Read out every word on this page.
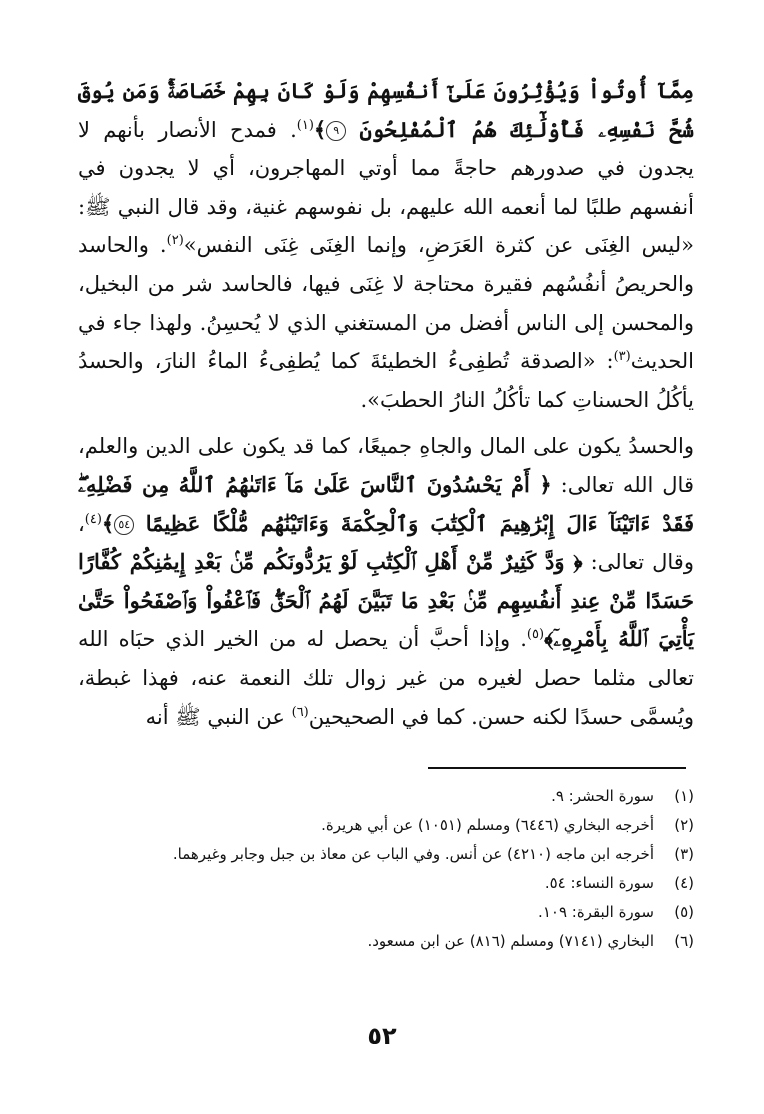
مِمَّآ أُوتُواْ وَيُؤْثِرُونَ عَلَىٰٓ أَنفُسِهِمْ وَلَوْ كَانَ بِهِمْ خَصَاصَةٌۚ وَمَن يُوقَ شُحَّ نَفْسِهِۦ فَأُوْلَٰٓئِكَ هُمُ ٱلْمُفْلِحُونَ ٩﴾$^{(١)}$. فمدح الأنصار بأنهم لا يجدون في صدورهم حاجةً مما أوتي المهاجرون، أي لا يجدون في أنفسهم طلبًا لما أنعمه الله عليهم، بل نفوسهم غنية، وقد قال النبي ﷺ: «ليس الغِنَى عن كثرة العَرَضِ، وإنما الغِنَى غِنَى النفس»$^{(٢)}$. والحاسد والحريصُ أنفُسُهم فقيرة محتاجة لا غِنَى فيها، فالحاسد شر من البخيل، والمحسن إلى الناس أفضل من المستغني الذي لا يُحسِنُ. ولهذا جاء في الحديث$^{(٣)}$: «الصدقة تُطفِىءُ الخطيئةَ كما يُطفِىءُ الماءُ النارَ، والحسدُ يأكُلُ الحسناتِ كما تأكُلُ النارُ الحطبَ».

والحسدُ يكون على المال والجاهِ جميعًا، كما قد يكون على الدين والعلم، قال الله تعالى: ﴿ أَمْ يَحْسُدُونَ ٱلنَّاسَ عَلَىٰ مَآ ءَاتَىٰهُمُ ٱللَّهُ مِن فَضْلِهِۦۖ فَقَدْ ءَاتَيْنَآ ءَالَ إِبْرَٰهِيمَ ٱلْكِتَٰبَ وَٱلْحِكْمَةَ وَءَاتَيْنَٰهُم مُّلْكًا عَظِيمًا ٥٤﴾$^{(٤)}$، وقال تعالى: ﴿ وَدَّ كَثِيرٌ مِّنْ أَهْلِ ٱلْكِتَٰبِ لَوْ يَرُدُّونَكُم مِّنۢ بَعْدِ إِيمَٰنِكُمْ كُفَّارًا حَسَدًا مِّنْ عِندِ أَنفُسِهِم مِّنۢ بَعْدِ مَا تَبَيَّنَ لَهُمُ ٱلْحَقُّۖ فَٱعْفُواْ وَٱصْفَحُواْ حَتَّىٰ يَأْتِيَ ٱللَّهُ بِأَمْرِهِۦٓ﴾$^{(٥)}$. وإذا أحبَّ أن يحصل له من الخير الذي حبَاه الله تعالى مثلما حصل لغيره من غير زوال تلك النعمة عنه، فهذا غبطة، ويُسمَّى حسدًا لكنه حسن. كما في الصحيحين$^{(٦)}$ عن النبي ﷺ أنه

(١)
سورة الحشر: ٩.
(٢)
أخرجه البخاري (٦٤٤٦) ومسلم (١٠٥١) عن أبي هريرة.
(٣)
أخرجه ابن ماجه (٤٢١٠) عن أنس. وفي الباب عن معاذ بن جبل وجابر وغيرهما.
(٤)
سورة النساء: ٥٤.
(٥)
سورة البقرة: ١٠٩.
(٦)
البخاري (٧١٤١) ومسلم (٨١٦) عن ابن مسعود.
٥٢
